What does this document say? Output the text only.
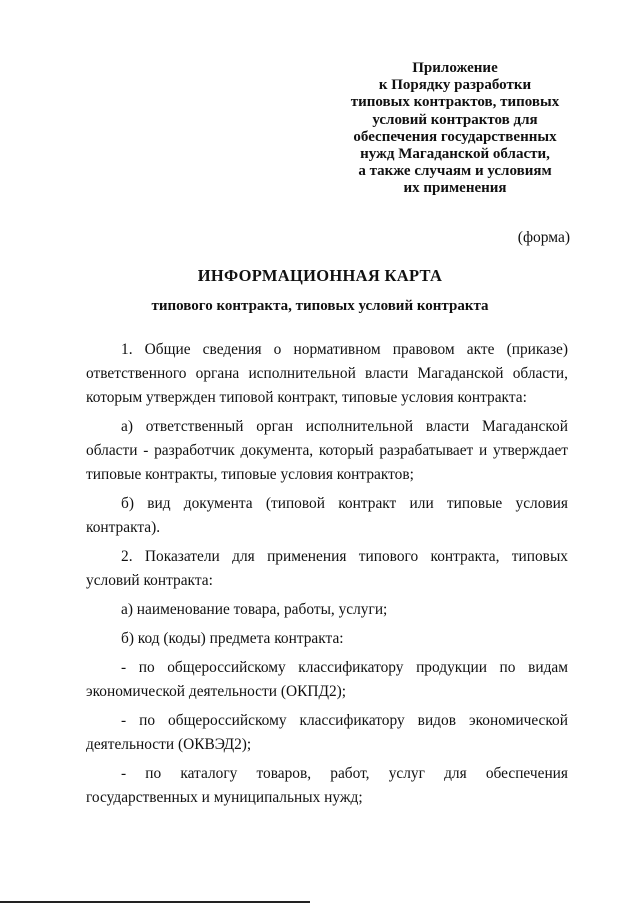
Приложение
к Порядку разработки
типовых контрактов, типовых
условий контрактов для
обеспечения государственных
нужд Магаданской области,
а также случаям и условиям
их применения
(форма)
ИНФОРМАЦИОННАЯ КАРТА
типового контракта, типовых условий контракта

1. Общие сведения о нормативном правовом акте (приказе) ответственного органа исполнительной власти Магаданской области, которым утвержден типовой контракт, типовые условия контракта:

а) ответственный орган исполнительной власти Магаданской области - разработчик документа, который разрабатывает и утверждает типовые контракты, типовые условия контрактов;

б) вид документа (типовой контракт или типовые условия контракта).

2. Показатели для применения типового контракта, типовых условий контракта:

а) наименование товара, работы, услуги;

б) код (коды) предмета контракта:

- по общероссийскому классификатору продукции по видам экономической деятельности (ОКПД2);

- по общероссийскому классификатору видов экономической деятельности (ОКВЭД2);

- по каталогу товаров, работ, услуг для обеспечения государственных и муниципальных нужд;
